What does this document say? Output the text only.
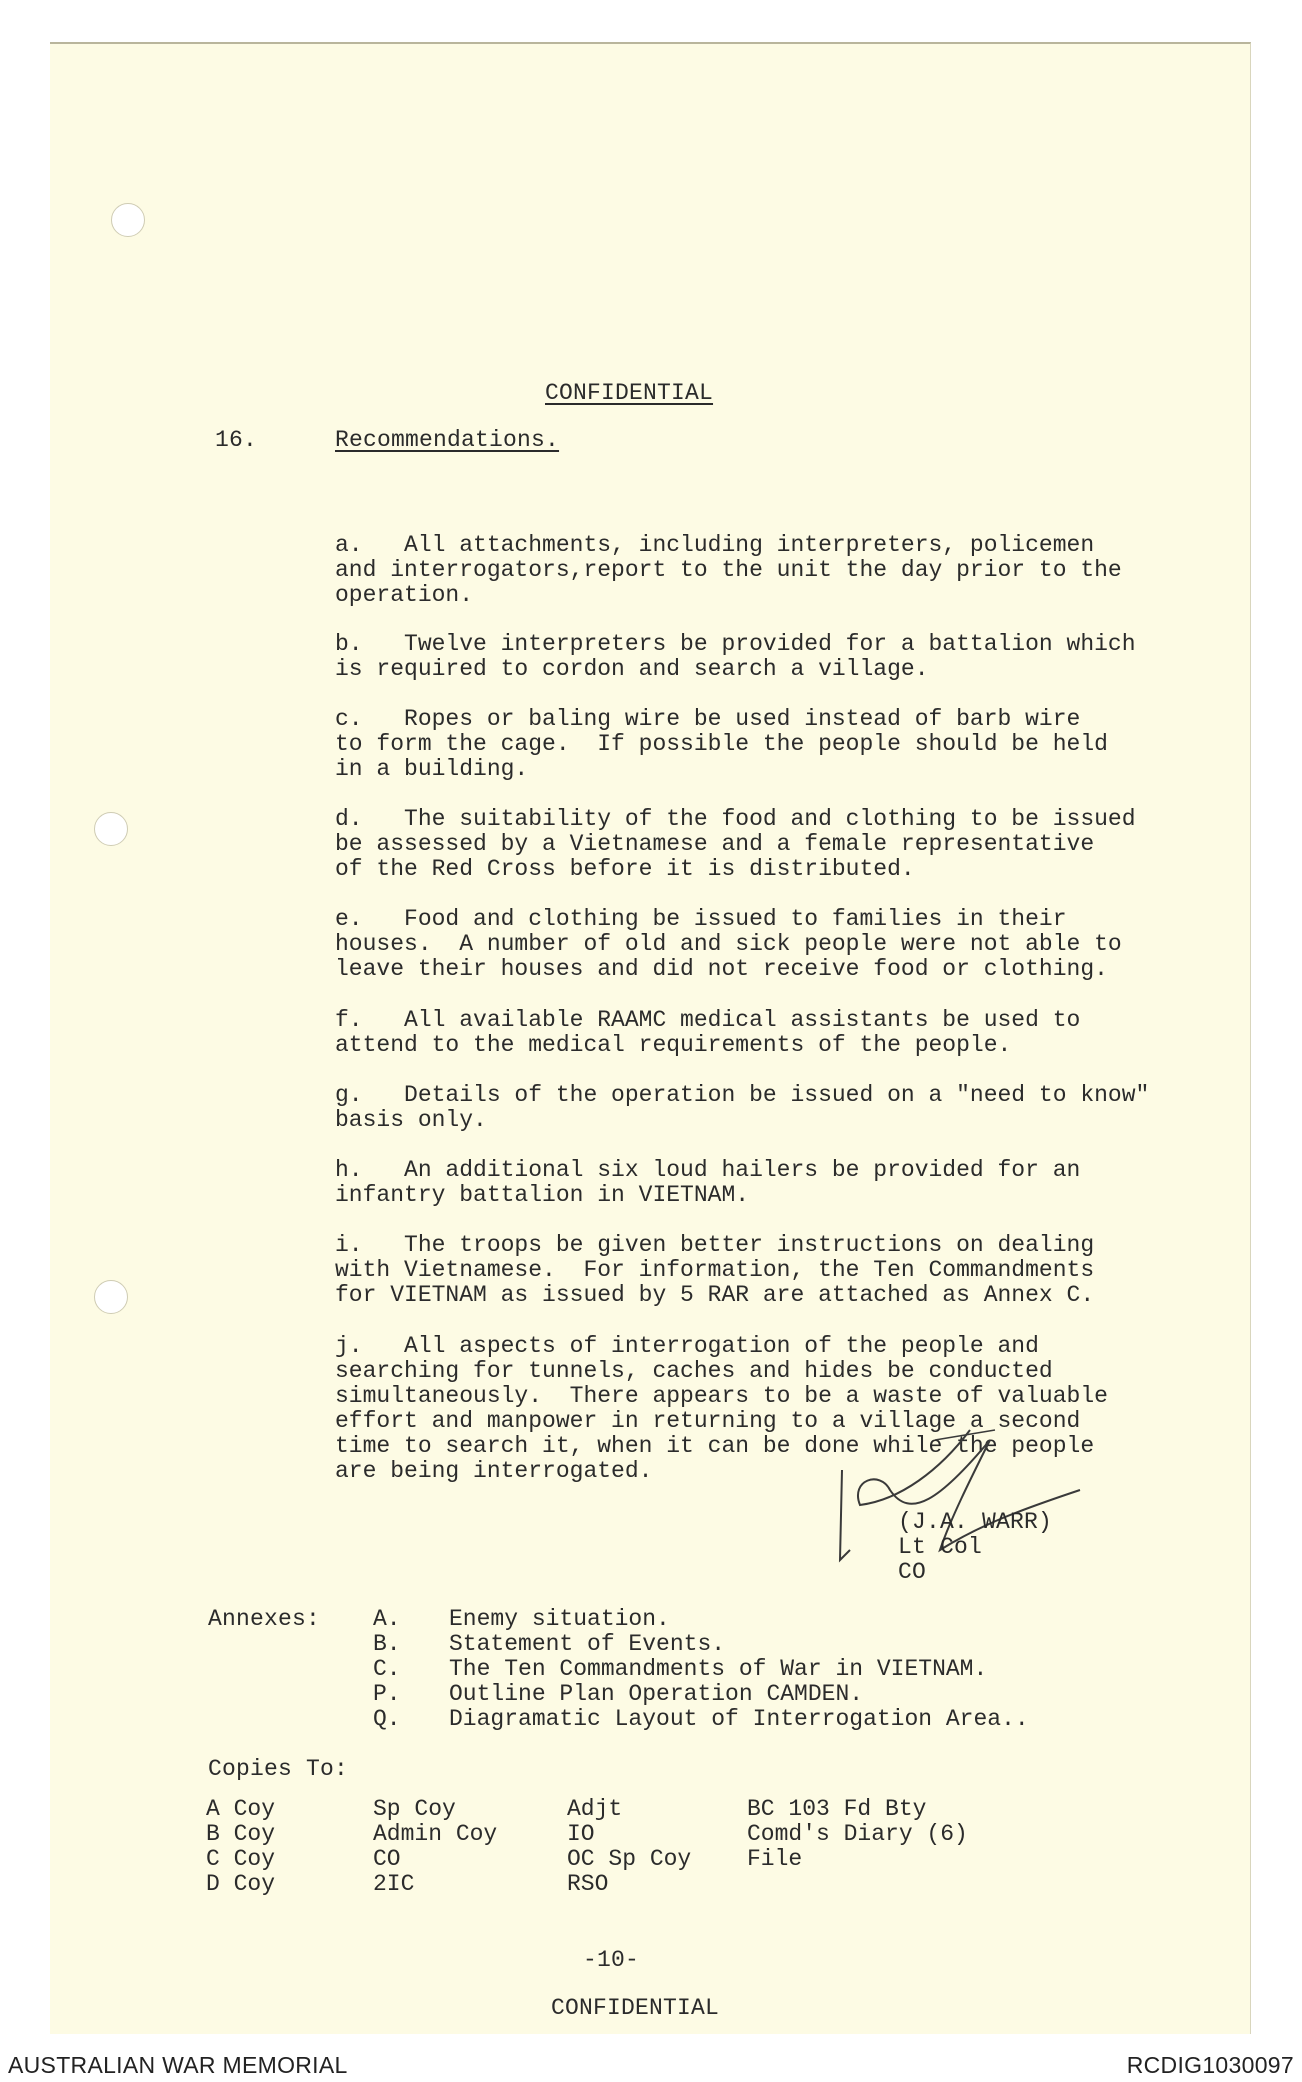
CONFIDENTIAL
16.	Recommendations.

a.   All attachments, including interpreters, policemen
and interrogators,report to the unit the day prior to the
operation.

b.   Twelve interpreters be provided for a battalion which
is required to cordon and search a village.

c.   Ropes or baling wire be used instead of barb wire
to form the cage.  If possible the people should be held
in a building.

d.   The suitability of the food and clothing to be issued
be assessed by a Vietnamese and a female representative
of the Red Cross before it is distributed.

e.   Food and clothing be issued to families in their
houses.  A number of old and sick people were not able to
leave their houses and did not receive food or clothing.

f.   All available RAAMC medical assistants be used to
attend to the medical requirements of the people.

g.   Details of the operation be issued on a "need to know"
basis only.

h.   An additional six loud hailers be provided for an
infantry battalion in VIETNAM.

i.   The troops be given better instructions on dealing
with Vietnamese.  For information, the Ten Commandments
for VIETNAM as issued by 5 RAR are attached as Annex C.

j.   All aspects of interrogation of the people and
searching for tunnels, caches and hides be conducted
simultaneously.  There appears to be a waste of valuable
effort and manpower in returning to a village a second
time to search it, when it can be done while the people
are being interrogated.

(J.A. WARR)
Lt Col
CO
Annexes: A.
B.
C.
P.
Q.
Enemy situation.
Statement of Events.
The Ten Commandments of War in VIETNAM.
Outline Plan Operation CAMDEN.
Diagramatic Layout of Interrogation Area..
Copies To:
A Coy
B Coy
C Coy
D Coy
Sp Coy
Admin Coy
CO
2IC
Adjt
IO
OC Sp Coy
RSO
BC 103 Fd Bty
Comd's Diary (6)
File
-10-
CONFIDENTIAL
AUSTRALIAN WAR MEMORIAL	RCDIG1030097
